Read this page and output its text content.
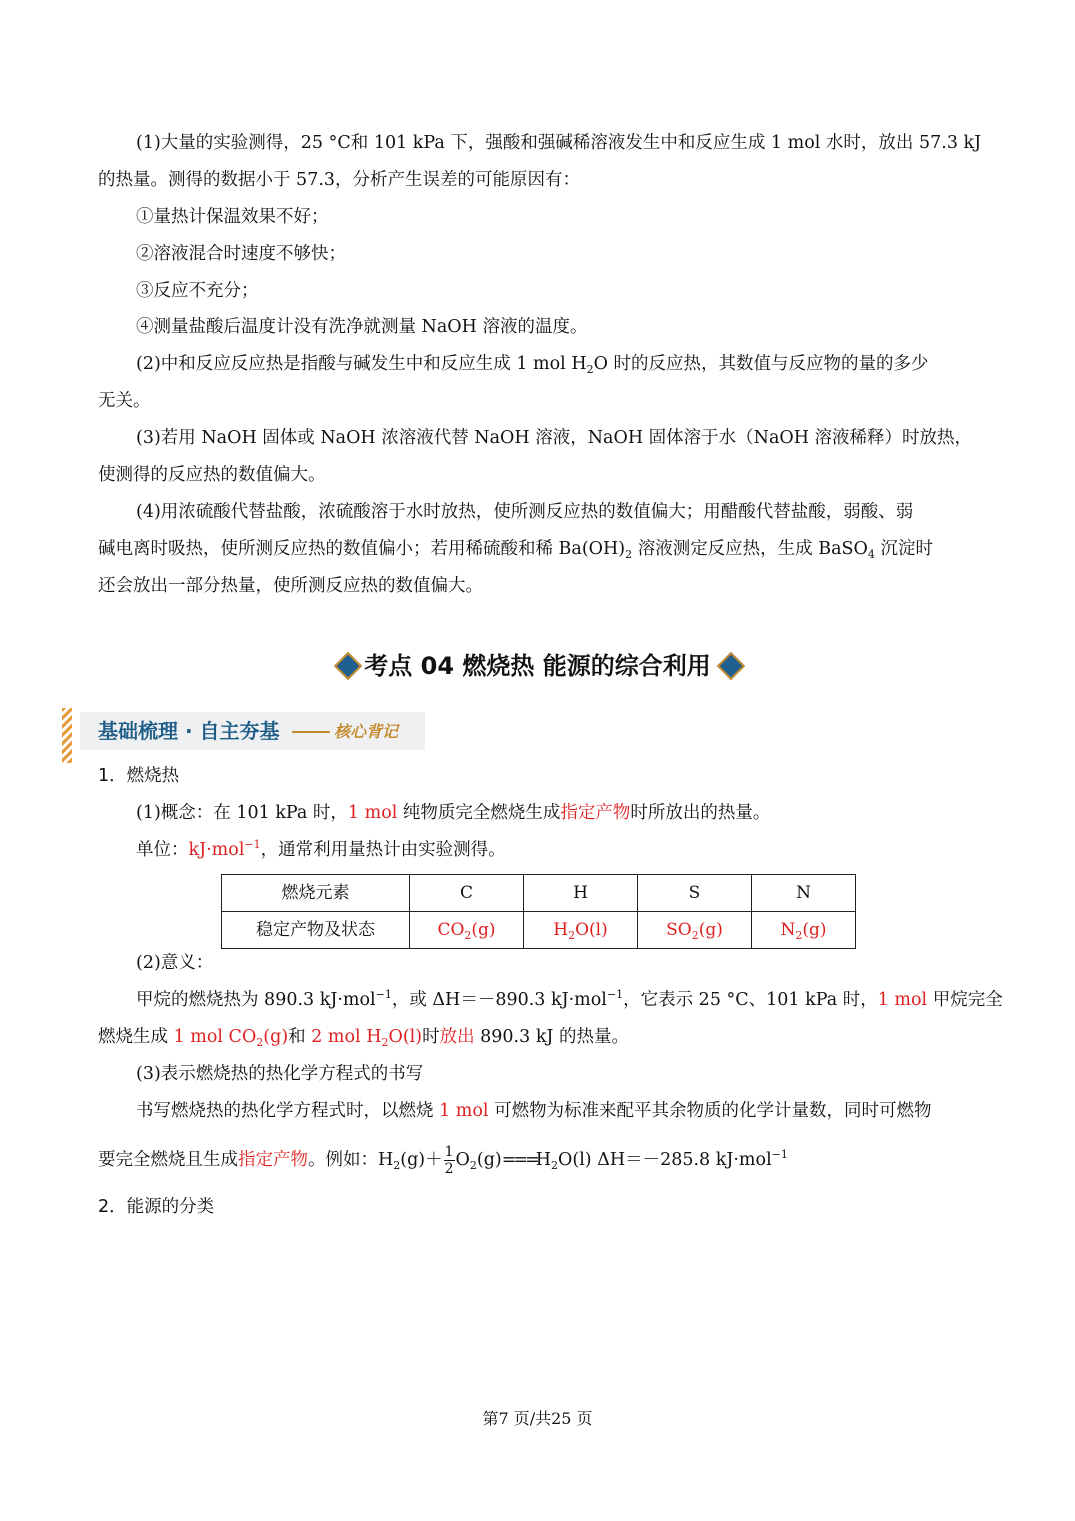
(1)大量的实验测得，25 °C和 101 kPa 下，强酸和强碱稀溶液发生中和反应生成 1 mol 水时，放出 57.3 kJ
的热量。测得的数据小于 57.3，分析产生误差的可能原因有：
①量热计保温效果不好；
②溶液混合时速度不够快；
③反应不充分；
④测量盐酸后温度计没有洗净就测量 NaOH 溶液的温度。
(2)中和反应反应热是指酸与碱发生中和反应生成 1 mol $H_2O$ 时的反应热，其数值与反应物的量的多少
无关。
(3)若用 NaOH 固体或 NaOH 浓溶液代替 NaOH 溶液，NaOH 固体溶于水（NaOH 溶液稀释）时放热，
使测得的反应热的数值偏大。
(4)用浓硫酸代替盐酸，浓硫酸溶于水时放热，使所测反应热的数值偏大；用醋酸代替盐酸，弱酸、弱
碱电离时吸热，使所测反应热的数值偏小；若用稀硫酸和稀 $Ba(OH)_2$ 溶液测定反应热，生成 BaSO$_4$ 沉淀时
还会放出一部分热量，使所测反应热的数值偏大。
考点 04 燃烧热 能源的综合利用
基础梳理 · 自主夯基	核心背记
1．燃烧热
(1)概念：在 101 kPa 时，1 mol 纯物质完全燃烧生成指定产物时所放出的热量。
单位：kJ·mol$^{-1}$，通常利用量热计由实验测得。
燃烧元素	C	H	S	N
稳定产物及状态	$CO_2(g)$	$H_2O(l)$	$SO_2(g)$	$N_2(g)$
(2)意义：
甲烷的燃烧热为 890.3 kJ·mol$^{-1}$，或 ΔH＝－890.3 kJ·mol$^{-1}$，它表示 25 °C、101 kPa 时，1 mol 甲烷完全
燃烧生成 1 mol $CO_2(g)$和 2 mol $H_2O(l)$时放出 890.3 kJ 的热量。
(3)表示燃烧热的热化学方程式的书写
书写燃烧热的热化学方程式时，以燃烧 1 mol 可燃物为标准来配平其余物质的化学计量数，同时可燃物
要完全燃烧且生成指定产物。例如：$H_2(g)+ \frac{1}{2} O_2(g)===H_2O(l)$ ΔH＝－285.8 kJ·mol$^{-1}$
2．能源的分类
第7 页/共25 页
